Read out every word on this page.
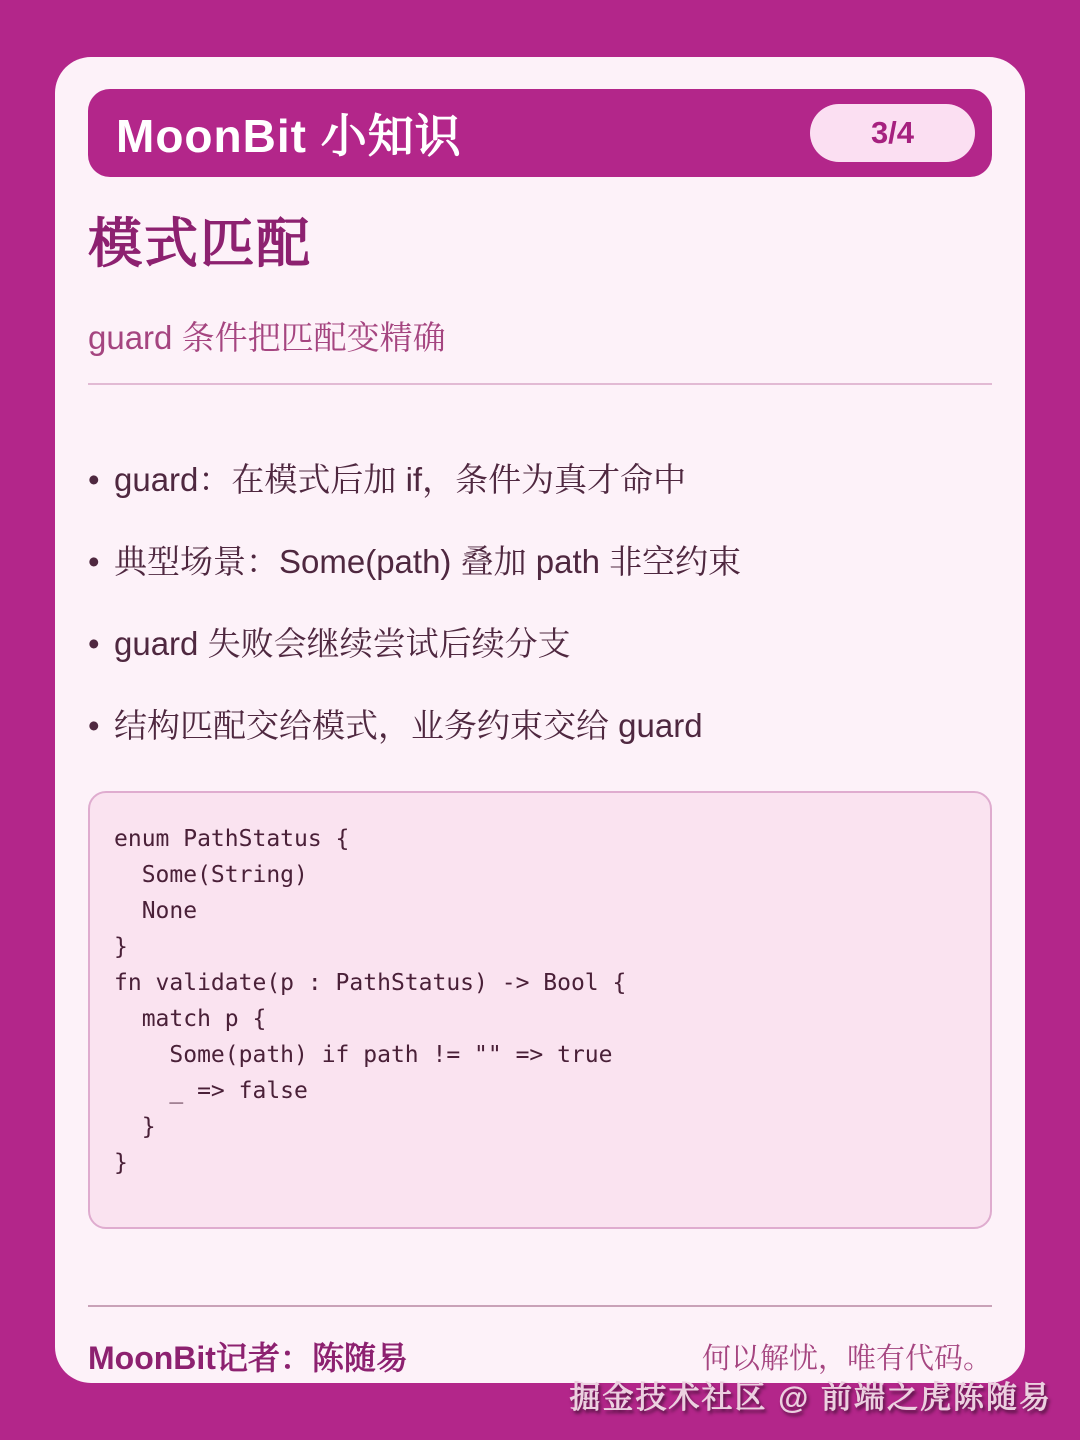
MoonBit 小知识	3/4
模式匹配

guard 条件把匹配变精确

• guard：在模式后加 if，条件为真才命中
• 典型场景：Some(path) 叠加 path 非空约束
• guard 失败会继续尝试后续分支
• 结构匹配交给模式，业务约束交给 guard
enum PathStatus {
Some(String)
None
}
fn validate(p : PathStatus) -> Bool {
match p {
Some(path) if path != "" => true
_ => false
}
}
MoonBit记者：陈随易	何以解忧，唯有代码。
掘金技术社区 @ 前端之虎陈随易
